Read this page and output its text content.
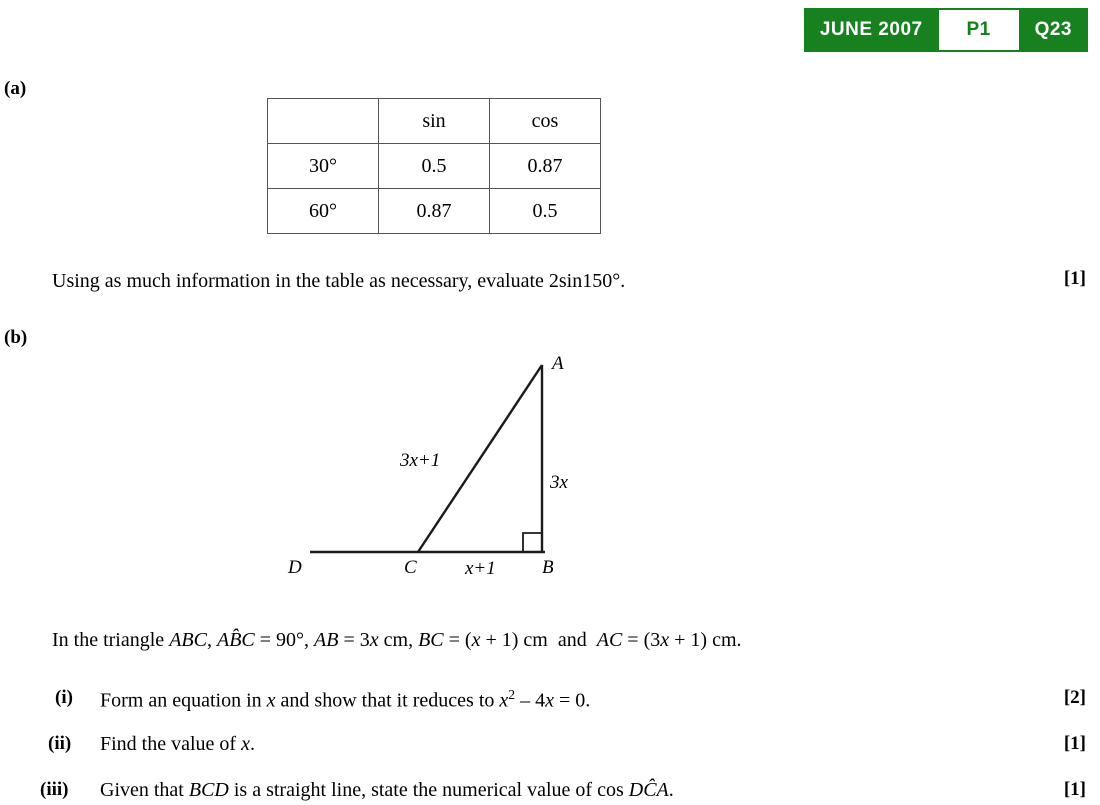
JUNE 2007	P1	Q23
(a)
	sin	cos
30°	0.5	0.87
60°	0.87	0.5
Using as much information in the table as necessary, evaluate 2sin150°.	[1]
(b)
A
B
C
D
3x+1
3x
x+1
In the triangle ABC, AB̂C = 90°, AB = 3x cm, BC = (x + 1) cm  and  AC = (3x + 1) cm.
(i) Form an equation in x and show that it reduces to $x^2 - 4x = 0$.	[2]
(ii) Find the value of x.	[1]
(iii) Given that BCD is a straight line, state the numerical value of cos DĈA.	[1]
